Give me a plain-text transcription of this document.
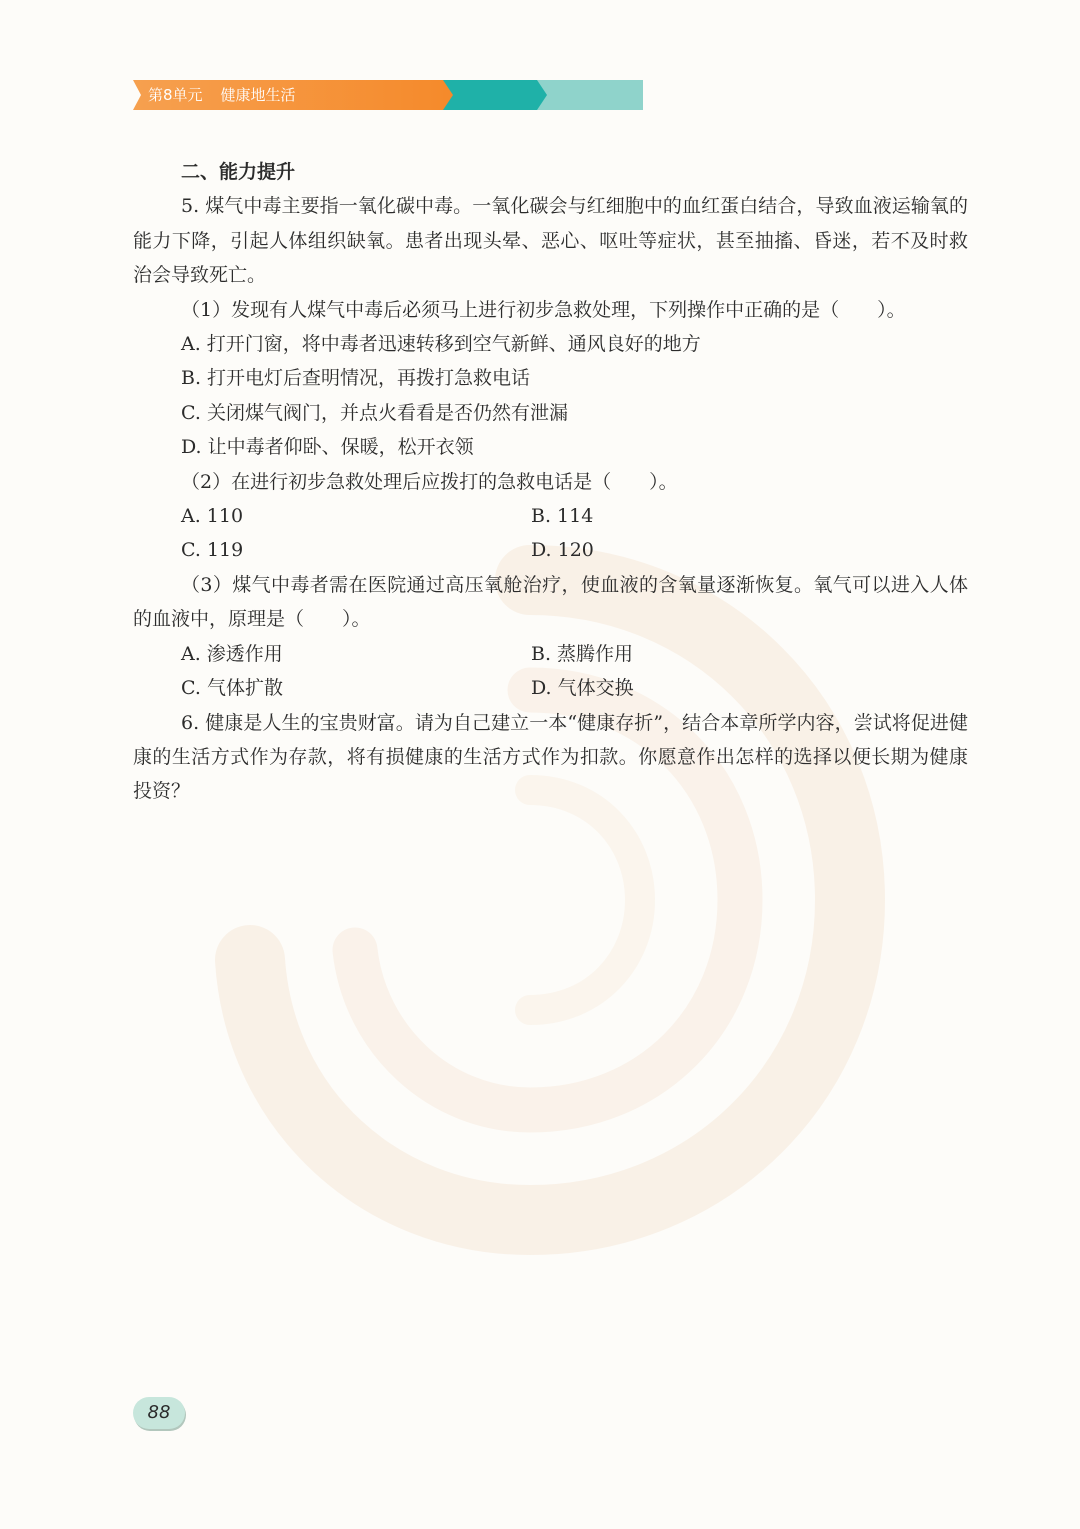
第8单元 健康地生活

二、能力提升

5. 煤气中毒主要指一氧化碳中毒。一氧化碳会与红细胞中的血红蛋白结合，导致血液运输氧的能力下降，引起人体组织缺氧。患者出现头晕、恶心、呕吐等症状，甚至抽搐、昏迷，若不及时救治会导致死亡。

（1）发现有人煤气中毒后必须马上进行初步急救处理，下列操作中正确的是（　　）。

A. 打开门窗，将中毒者迅速转移到空气新鲜、通风良好的地方

B. 打开电灯后查明情况，再拨打急救电话

C. 关闭煤气阀门，并点火看看是否仍然有泄漏

D. 让中毒者仰卧、保暖，松开衣领

（2）在进行初步急救处理后应拨打的急救电话是（　　）。

A. 110	B. 114
C. 119	D. 120

（3）煤气中毒者需在医院通过高压氧舱治疗，使血液的含氧量逐渐恢复。氧气可以进入人体的血液中，原理是（　　）。

A. 渗透作用	B. 蒸腾作用
C. 气体扩散	D. 气体交换

6. 健康是人生的宝贵财富。请为自己建立一本“健康存折”，结合本章所学内容，尝试将促进健康的生活方式作为存款，将有损健康的生活方式作为扣款。你愿意作出怎样的选择以便长期为健康投资？

88
